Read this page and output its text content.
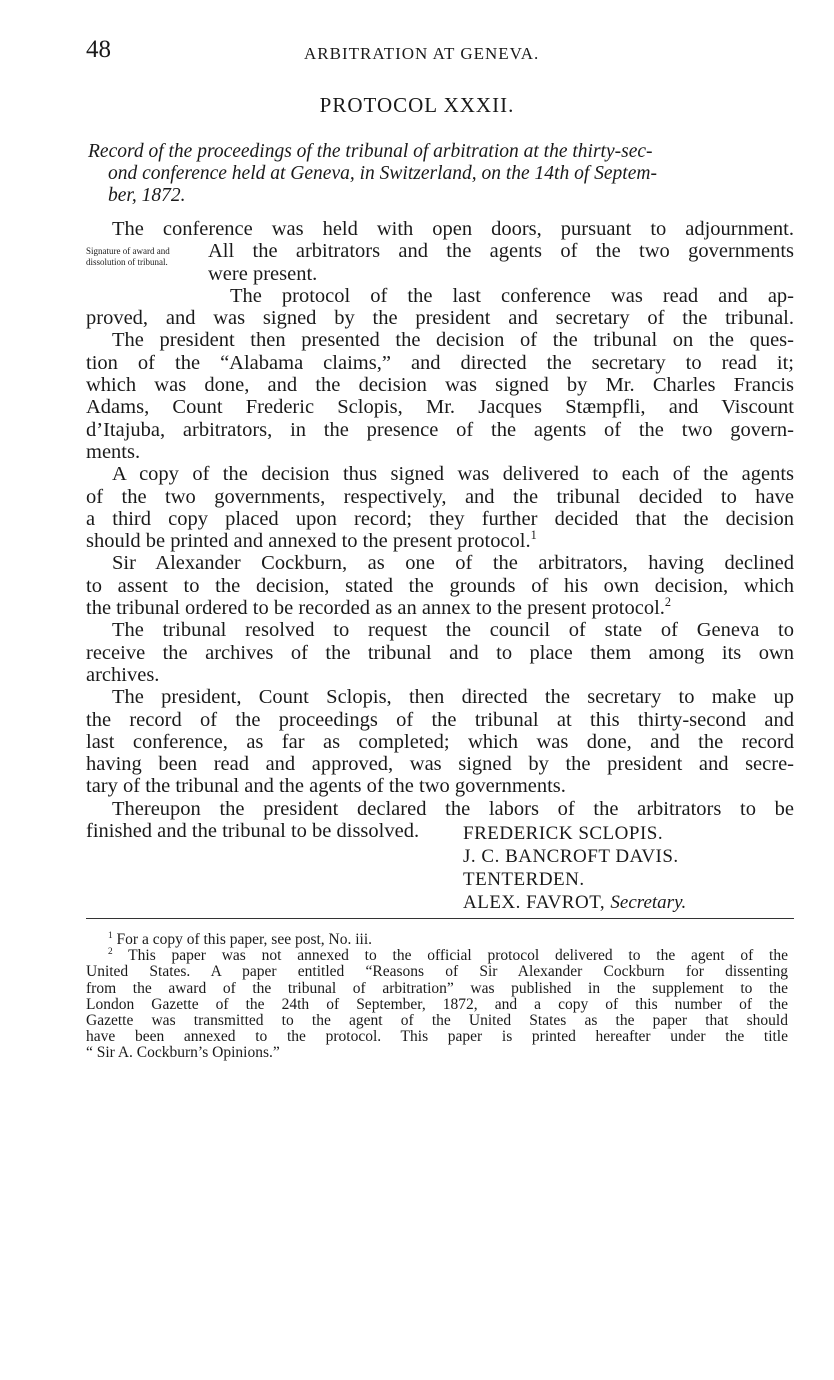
48	ARBITRATION AT GENEVA.
PROTOCOL XXXII.
Record of the proceedings of the tribunal of arbitration at the thirty-sec-
ond conference held at Geneva, in Switzerland, on the 14th of Septem-
ber, 1872.
Signature of award and dissolution of tribunal.
The conference was held with open doors, pursuant to adjournment.
All the arbitrators and the agents of the two governments
were present.
The protocol of the last conference was read and ap-
proved, and was signed by the president and secretary of the tribunal.
The president then presented the decision of the tribunal on the ques-
tion of the “Alabama claims,” and directed the secretary to read it;
which was done, and the decision was signed by Mr. Charles Francis
Adams, Count Frederic Sclopis, Mr. Jacques Stæmpfli, and Viscount
d’Itajuba, arbitrators, in the presence of the agents of the two govern-
ments.
A copy of the decision thus signed was delivered to each of the agents
of the two governments, respectively, and the tribunal decided to have
a third copy placed upon record; they further decided that the decision
should be printed and annexed to the present protocol.$^1$
Sir Alexander Cockburn, as one of the arbitrators, having declined
to assent to the decision, stated the grounds of his own decision, which
the tribunal ordered to be recorded as an annex to the present protocol.$^2$
The tribunal resolved to request the council of state of Geneva to
receive the archives of the tribunal and to place them among its own
archives.
The president, Count Sclopis, then directed the secretary to make up
the record of the proceedings of the tribunal at this thirty-second and
last conference, as far as completed; which was done, and the record
having been read and approved, was signed by the president and secre-
tary of the tribunal and the agents of the two governments.
Thereupon the president declared the labors of the arbitrators to be
finished and the tribunal to be dissolved.	FREDERICK SCLOPIS.
J. C. BANCROFT DAVIS.
TENTERDEN.
ALEX. FAVROT, Secretary.
$^1$ For a copy of this paper, see post, No. iii.
$^2$ This paper was not annexed to the official protocol delivered to the agent of the
United States. A paper entitled “Reasons of Sir Alexander Cockburn for dissenting
from the award of the tribunal of arbitration” was published in the supplement to the
London Gazette of the 24th of September, 1872, and a copy of this number of the
Gazette was transmitted to the agent of the United States as the paper that should
have been annexed to the protocol. This paper is printed hereafter under the title
“ Sir A. Cockburn’s Opinions.”
